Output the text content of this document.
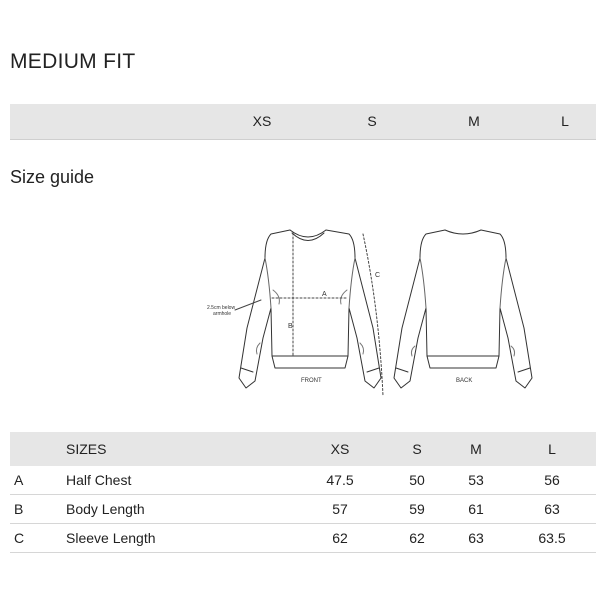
MEDIUM FIT
XS	S	M	L
Size guide
2.5cm below
armhole
A
B
C
FRONT	BACK
SIZES	XS	S	M	L
A	Half Chest	47.5	50	53	56
B	Body Length	57	59	61	63
C	Sleeve Length	62	62	63	63.5
